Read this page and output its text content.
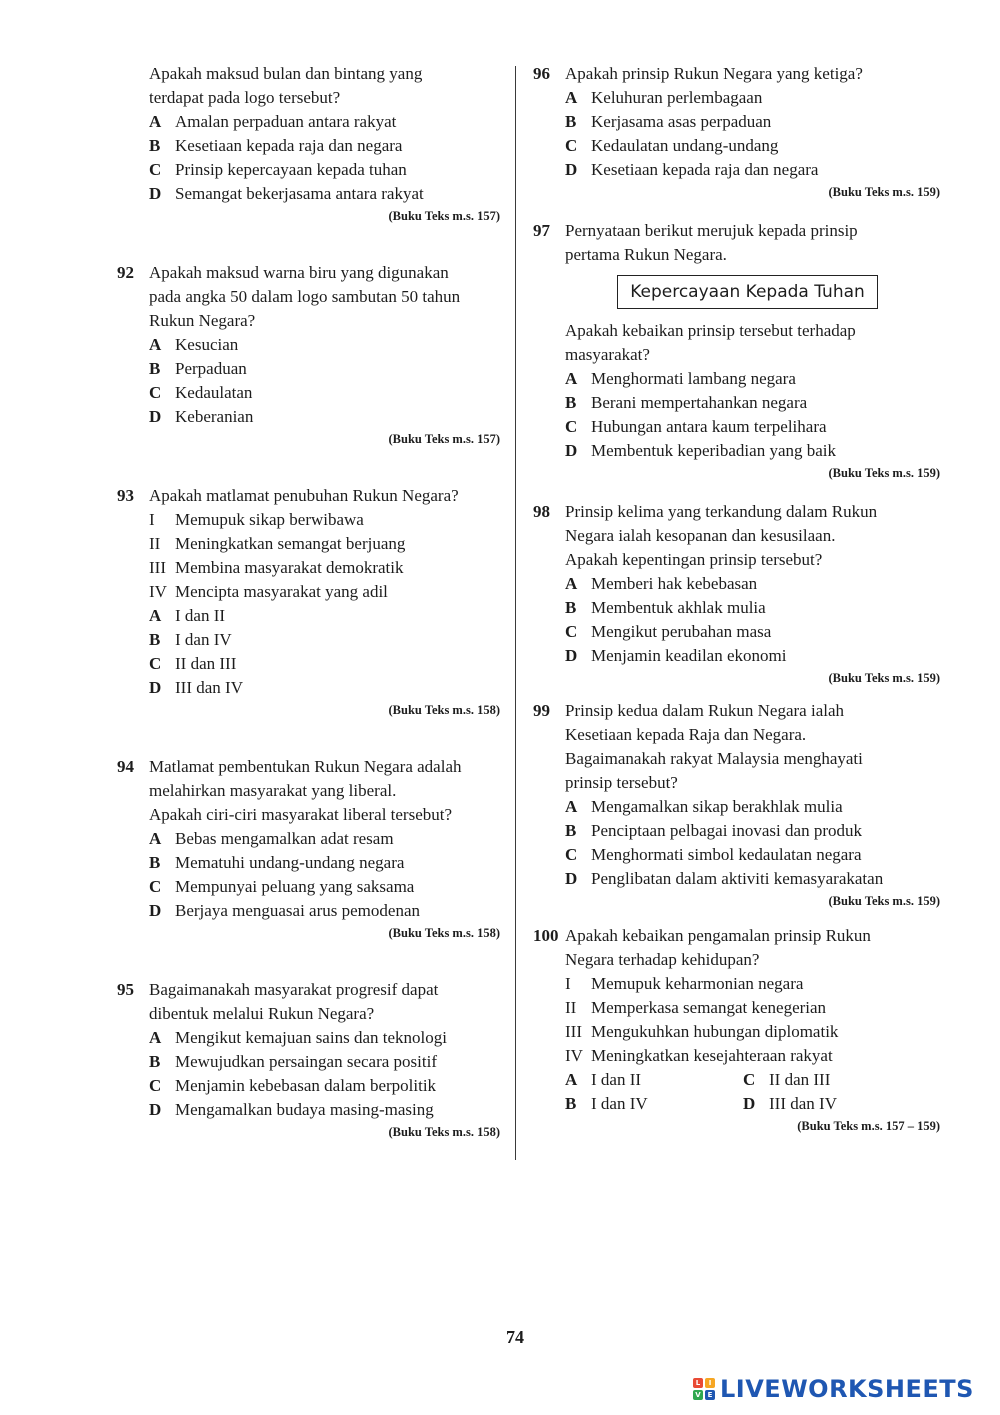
Apakah maksud bulan dan bintang yang
terdapat pada logo tersebut?
A Amalan perpaduan antara rakyat
B Kesetiaan kepada raja dan negara
C Prinsip kepercayaan kepada tuhan
D Semangat bekerjasama antara rakyat
(Buku Teks m.s. 157)
92 Apakah maksud warna biru yang digunakan
pada angka 50 dalam logo sambutan 50 tahun
Rukun Negara?
A Kesucian
B Perpaduan
C Kedaulatan
D Keberanian
(Buku Teks m.s. 157)
93 Apakah matlamat penubuhan Rukun Negara?
I	Memupuk sikap berwibawa
II Meningkatkan semangat berjuang
III Membina masyarakat demokratik
IV Mencipta masyarakat yang adil
A I dan II
B I dan IV
C II dan III
D III dan IV
(Buku Teks m.s. 158)
94 Matlamat pembentukan Rukun Negara adalah
melahirkan masyarakat yang liberal.
Apakah ciri-ciri masyarakat liberal tersebut?
A Bebas mengamalkan adat resam
B Mematuhi undang-undang negara
C Mempunyai peluang yang saksama
D Berjaya menguasai arus pemodenan
(Buku Teks m.s. 158)
95 Bagaimanakah masyarakat progresif dapat
dibentuk melalui Rukun Negara?
A Mengikut kemajuan sains dan teknologi
B Mewujudkan persaingan secara positif
C Menjamin kebebasan dalam berpolitik
D Mengamalkan budaya masing-masing
(Buku Teks m.s. 158)
96 Apakah prinsip Rukun Negara yang ketiga?
A Keluhuran perlembagaan
B Kerjasama asas perpaduan
C Kedaulatan undang-undang
D Kesetiaan kepada raja dan negara
(Buku Teks m.s. 159)
97 Pernyataan berikut merujuk kepada prinsip
pertama Rukun Negara.
Kepercayaan Kepada Tuhan
Apakah kebaikan prinsip tersebut terhadap
masyarakat?
A Menghormati lambang negara
B Berani mempertahankan negara
C Hubungan antara kaum terpelihara
D Membentuk keperibadian yang baik
(Buku Teks m.s. 159)
98 Prinsip kelima yang terkandung dalam Rukun
Negara ialah kesopanan dan kesusilaan.
Apakah kepentingan prinsip tersebut?
A Memberi hak kebebasan
B Membentuk akhlak mulia
C Mengikut perubahan masa
D Menjamin keadilan ekonomi
(Buku Teks m.s. 159)
99 Prinsip kedua dalam Rukun Negara ialah
Kesetiaan kepada Raja dan Negara.
Bagaimanakah rakyat Malaysia menghayati
prinsip tersebut?
A Mengamalkan sikap berakhlak mulia
B Penciptaan pelbagai inovasi dan produk
C Menghormati simbol kedaulatan negara
D Penglibatan dalam aktiviti kemasyarakatan
(Buku Teks m.s. 159)
100 Apakah kebaikan pengamalan prinsip Rukun
Negara terhadap kehidupan?
I	Memupuk keharmonian negara
II Memperkasa semangat kenegerian
III Mengukuhkan hubungan diplomatik
IV Meningkatkan kesejahteraan rakyat
A I dan II	C II dan III
B I dan IV	D III dan IV
(Buku Teks m.s. 157 – 159)
74
L	I
V E LIVEWORKSHEETS
